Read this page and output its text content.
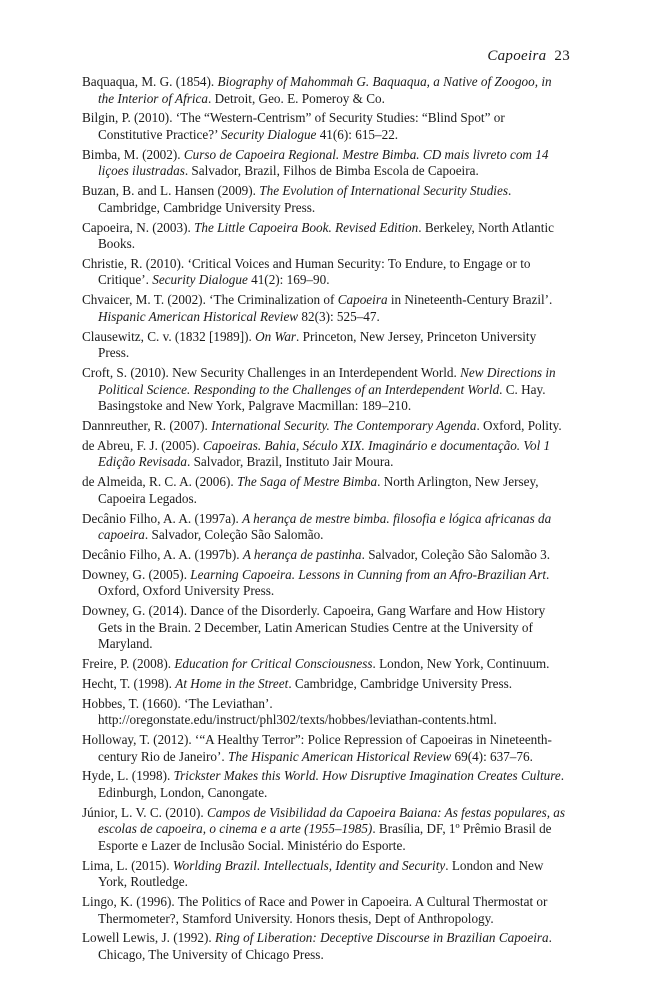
Capoeira 23

Baquaqua, M. G. (1854). Biography of Mahommah G. Baquaqua, a Native of Zoogoo, in the Interior of Africa. Detroit, Geo. E. Pomeroy & Co.

Bilgin, P. (2010). ‘The “Western-Centrism” of Security Studies: “Blind Spot” or Constitutive Practice?’ Security Dialogue 41(6): 615–22.

Bimba, M. (2002). Curso de Capoeira Regional. Mestre Bimba. CD mais livreto com 14 liçoes ilustradas. Salvador, Brazil, Filhos de Bimba Escola de Capoeira.

Buzan, B. and L. Hansen (2009). The Evolution of International Security Studies. Cambridge, Cambridge University Press.

Capoeira, N. (2003). The Little Capoeira Book. Revised Edition. Berkeley, North Atlantic Books.

Christie, R. (2010). ‘Critical Voices and Human Security: To Endure, to Engage or to Critique’. Security Dialogue 41(2): 169–90.

Chvaicer, M. T. (2002). ‘The Criminalization of Capoeira in Nineteenth-Century Brazil’. Hispanic American Historical Review 82(3): 525–47.

Clausewitz, C. v. (1832 [1989]). On War. Princeton, New Jersey, Princeton University Press.

Croft, S. (2010). New Security Challenges in an Interdependent World. New Directions in Political Science. Responding to the Challenges of an Interdependent World. C. Hay. Basingstoke and New York, Palgrave Macmillan: 189–210.

Dannreuther, R. (2007). International Security. The Contemporary Agenda. Oxford, Polity.

de Abreu, F. J. (2005). Capoeiras. Bahia, Século XIX. Imaginário e documentação. Vol 1 Edição Revisada. Salvador, Brazil, Instituto Jair Moura.

de Almeida, R. C. A. (2006). The Saga of Mestre Bimba. North Arlington, New Jersey, Capoeira Legados.

Decânio Filho, A. A. (1997a). A herança de mestre bimba. filosofia e lógica africanas da capoeira. Salvador, Coleção São Salomão.

Decânio Filho, A. A. (1997b). A herança de pastinha. Salvador, Coleção São Salomão 3.

Downey, G. (2005). Learning Capoeira. Lessons in Cunning from an Afro-Brazilian Art. Oxford, Oxford University Press.

Downey, G. (2014). Dance of the Disorderly. Capoeira, Gang Warfare and How History Gets in the Brain. 2 December, Latin American Studies Centre at the University of Maryland.

Freire, P. (2008). Education for Critical Consciousness. London, New York, Continuum.

Hecht, T. (1998). At Home in the Street. Cambridge, Cambridge University Press.

Hobbes, T. (1660). ‘The Leviathan’. http://oregonstate.edu/instruct/phl302/texts/hobbes/leviathan-contents.html.

Holloway, T. (2012). ‘“A Healthy Terror”: Police Repression of Capoeiras in Nineteenth-century Rio de Janeiro’. The Hispanic American Historical Review 69(4): 637–76.

Hyde, L. (1998). Trickster Makes this World. How Disruptive Imagination Creates Culture. Edinburgh, London, Canongate.

Júnior, L. V. C. (2010). Campos de Visibilidad da Capoeira Baiana: As festas populares, as escolas de capoeira, o cinema e a arte (1955–1985). Brasília, DF, 1º Prêmio Brasil de Esporte e Lazer de Inclusão Social. Ministério do Esporte.

Lima, L. (2015). Worlding Brazil. Intellectuals, Identity and Security. London and New York, Routledge.

Lingo, K. (1996). The Politics of Race and Power in Capoeira. A Cultural Thermostat or Thermometer?, Stamford University. Honors thesis, Dept of Anthropology.

Lowell Lewis, J. (1992). Ring of Liberation: Deceptive Discourse in Brazilian Capoeira. Chicago, The University of Chicago Press.
